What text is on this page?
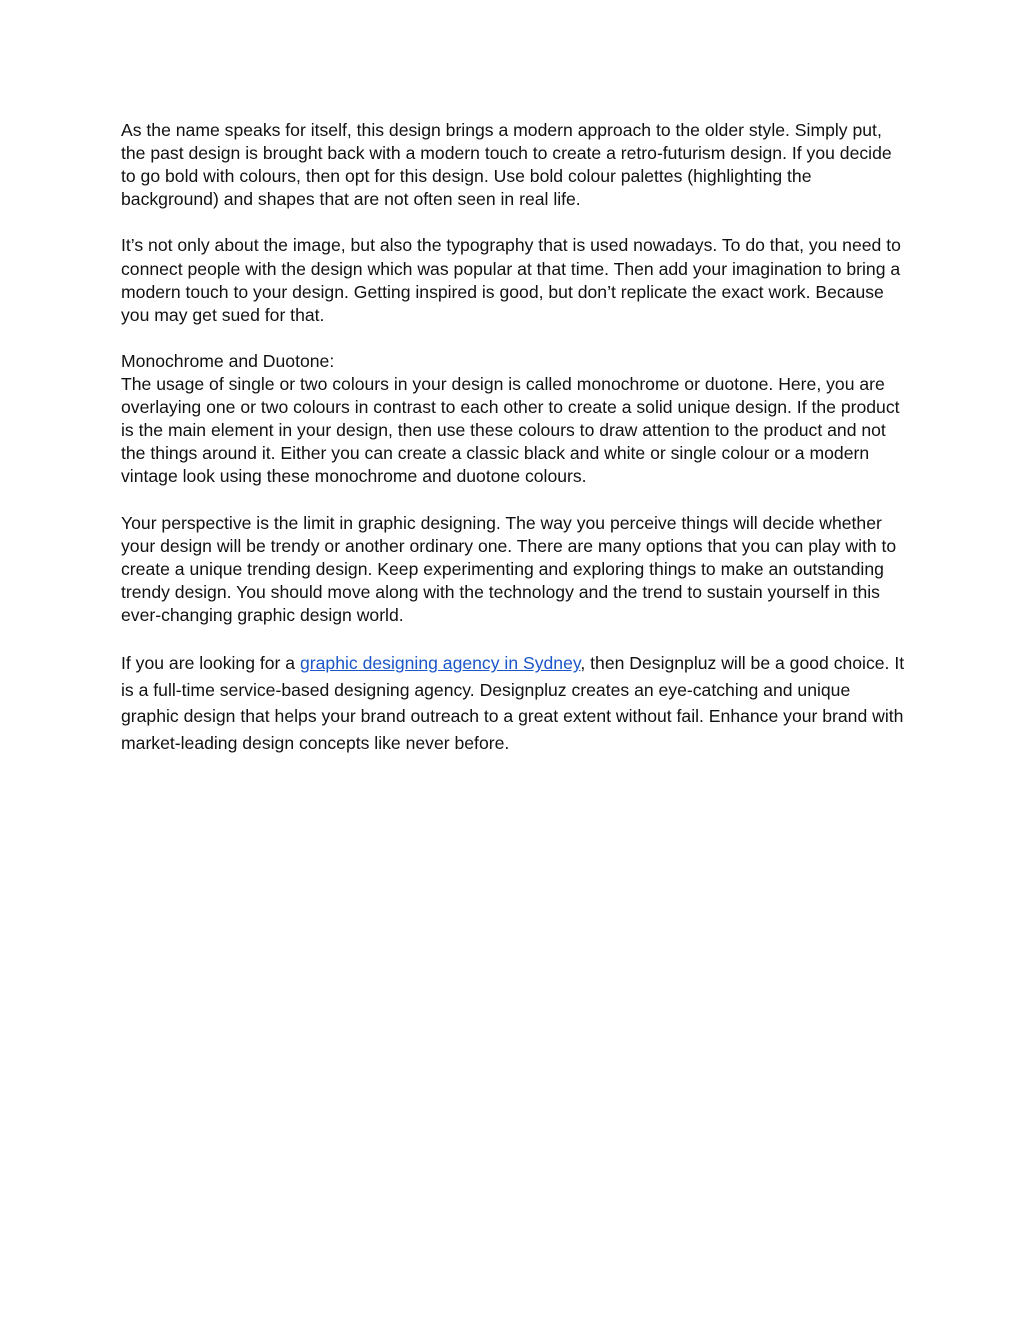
As the name speaks for itself, this design brings a modern approach to the older style. Simply put, the past design is brought back with a modern touch to create a retro-futurism design. If you decide to go bold with colours, then opt for this design. Use bold colour palettes (highlighting the background) and shapes that are not often seen in real life.

It’s not only about the image, but also the typography that is used nowadays. To do that, you need to connect people with the design which was popular at that time. Then add your imagination to bring a modern touch to your design. Getting inspired is good, but don’t replicate the exact work. Because you may get sued for that.

Monochrome and Duotone:

The usage of single or two colours in your design is called monochrome or duotone. Here, you are overlaying one or two colours in contrast to each other to create a solid unique design. If the product is the main element in your design, then use these colours to draw attention to the product and not the things around it. Either you can create a classic black and white or single colour or a modern vintage look using these monochrome and duotone colours.

Your perspective is the limit in graphic designing. The way you perceive things will decide whether your design will be trendy or another ordinary one. There are many options that you can play with to create a unique trending design. Keep experimenting and exploring things to make an outstanding trendy design. You should move along with the technology and the trend to sustain yourself in this ever-changing graphic design world.

If you are looking for a graphic designing agency in Sydney, then Designpluz will be a good choice. It is a full-time service-based designing agency. Designpluz creates an eye-catching and unique graphic design that helps your brand outreach to a great extent without fail. Enhance your brand with market-leading design concepts like never before.
